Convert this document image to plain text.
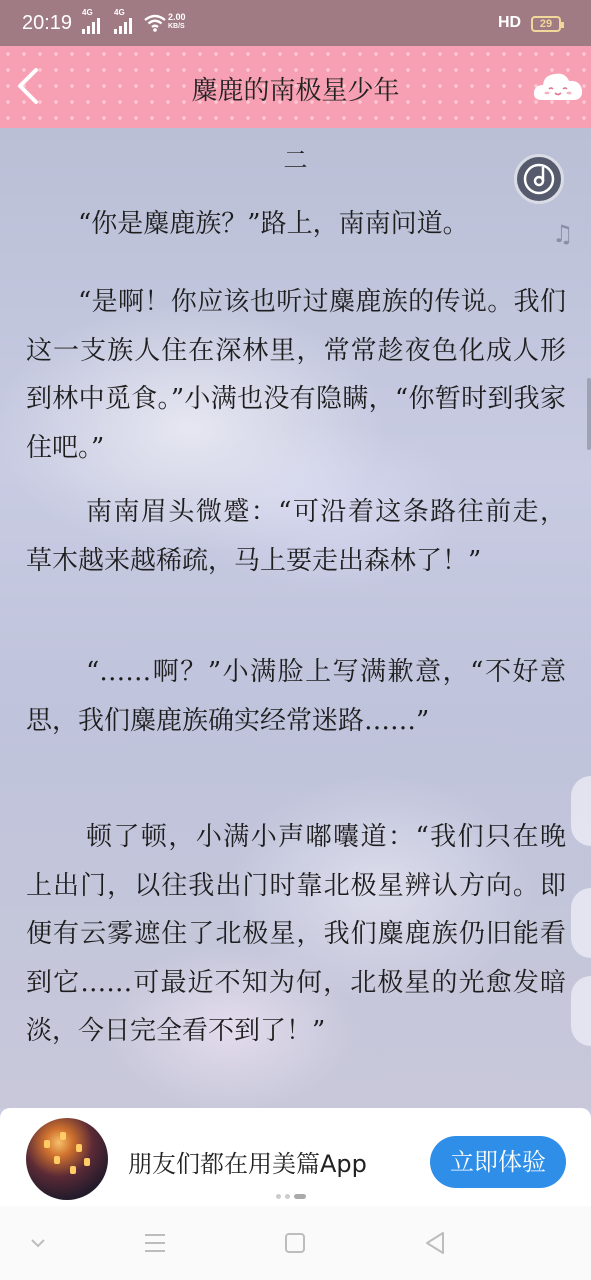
20:19 4G	4G	2.00
KB/S	HD	29
麋鹿的南极星少年
二
♫

“你是麋鹿族？”路上，南南问道。

“是啊！你应该也听过麋鹿族的传说。我们这一支族人住在深林里，常常趁夜色化成人形到林中觅食。”小满也没有隐瞒，“你暂时到我家住吧。”

南南眉头微蹙：“可沿着这条路往前走，草木越来越稀疏，马上要走出森林了！”

“……啊？”小满脸上写满歉意，“不好意思，我们麋鹿族确实经常迷路……”

顿了顿，小满小声嘟囔道：“我们只在晚上出门，以往我出门时靠北极星辨认方向。即便有云雾遮住了北极星，我们麋鹿族仍旧能看到它……可最近不知为何，北极星的光愈发暗淡，今日完全看不到了！”

朋友们都在用美篇App	立即体验
